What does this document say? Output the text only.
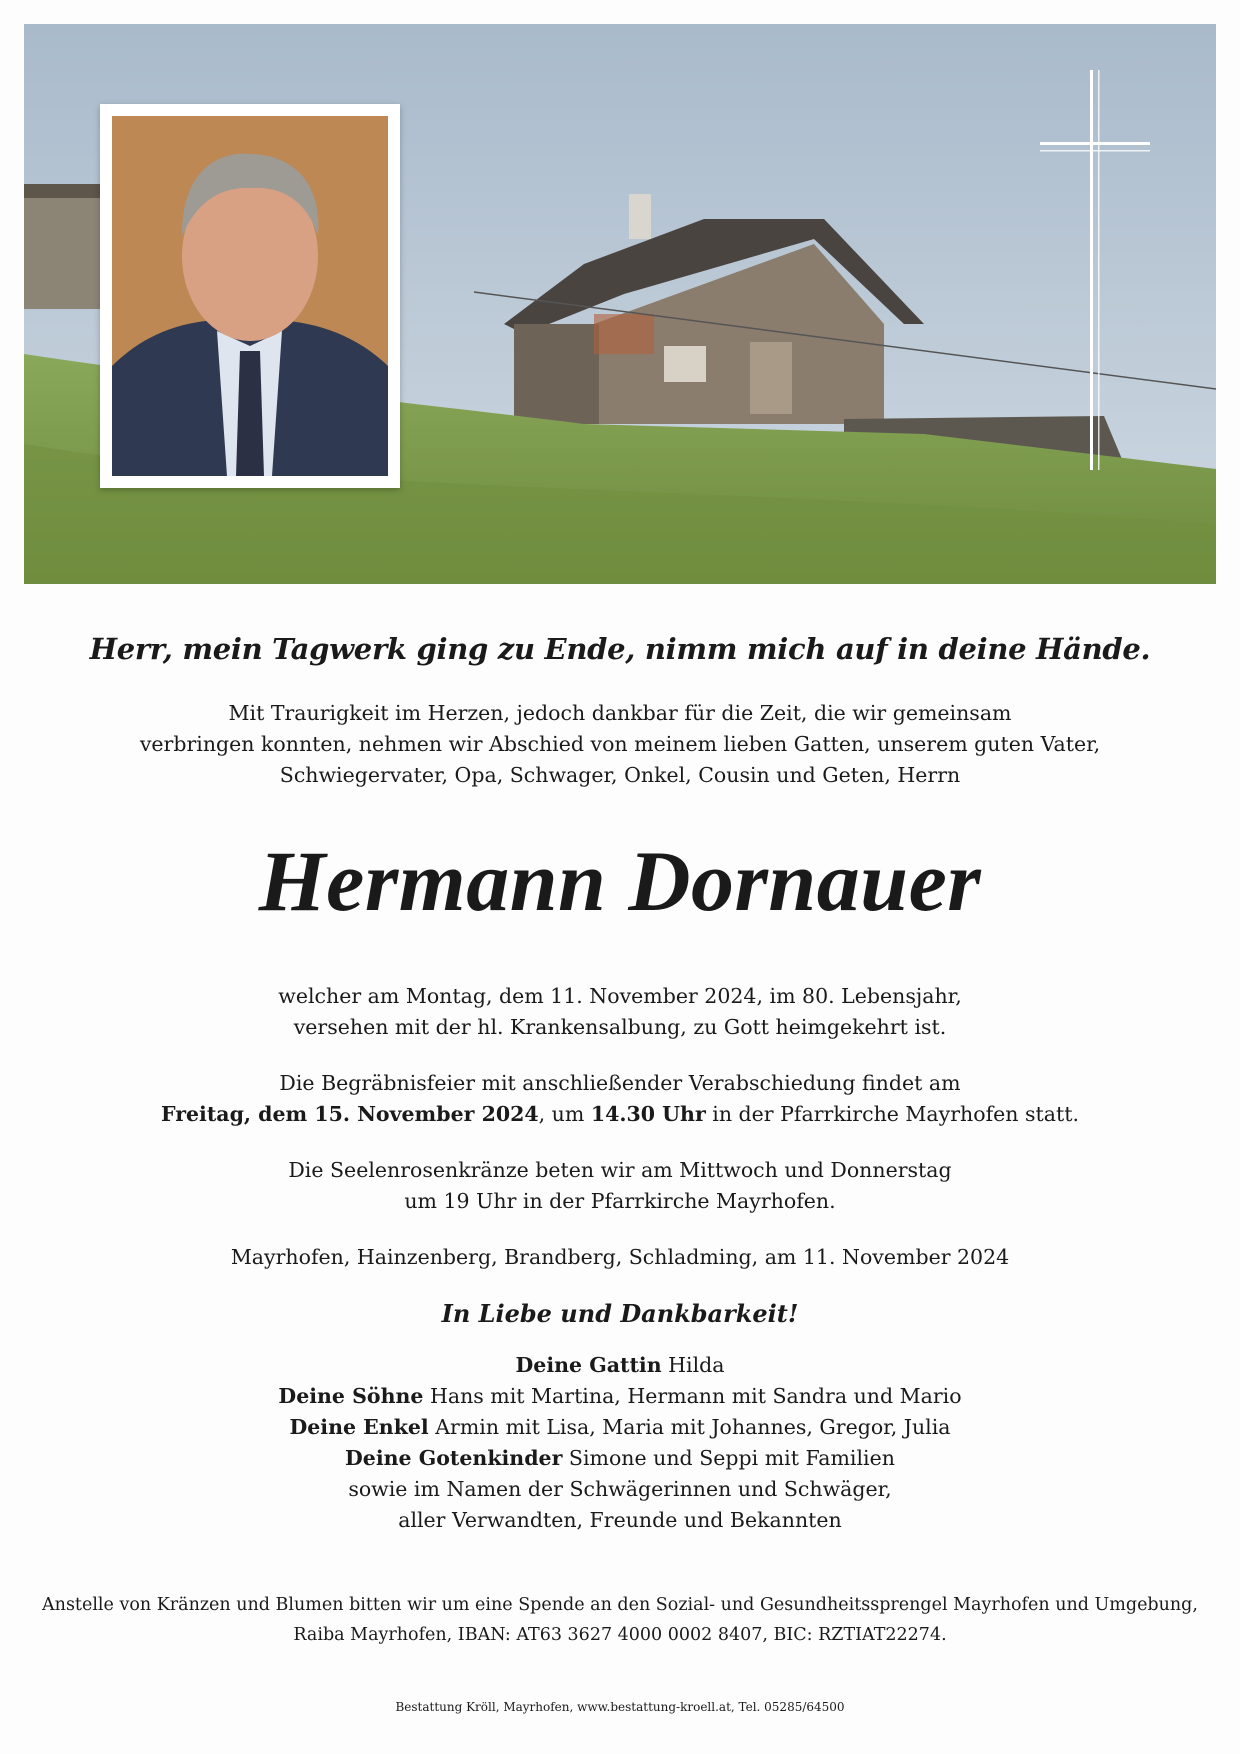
Herr, mein Tagwerk ging zu Ende, nimm mich auf in deine Hände.

Mit Traurigkeit im Herzen, jedoch dankbar für die Zeit, die wir gemeinsam
verbringen konnten, nehmen wir Abschied von meinem lieben Gatten, unserem guten Vater,
Schwiegervater, Opa, Schwager, Onkel, Cousin und Geten, Herrn

Hermann Dornauer

welcher am Montag, dem 11. November 2024, im 80. Lebensjahr,
versehen mit der hl. Krankensalbung, zu Gott heimgekehrt ist.

Die Begräbnisfeier mit anschließender Verabschiedung findet am
Freitag, dem 15. November 2024, um 14.30 Uhr in der Pfarrkirche Mayrhofen statt.

Die Seelenrosenkränze beten wir am Mittwoch und Donnerstag
um 19 Uhr in der Pfarrkirche Mayrhofen.

Mayrhofen, Hainzenberg, Brandberg, Schladming, am 11. November 2024

In Liebe und Dankbarkeit!
Deine Gattin Hilda
Deine Söhne Hans mit Martina, Hermann mit Sandra und Mario
Deine Enkel Armin mit Lisa, Maria mit Johannes, Gregor, Julia
Deine Gotenkinder Simone und Seppi mit Familien
sowie im Namen der Schwägerinnen und Schwäger,
aller Verwandten, Freunde und Bekannten
Anstelle von Kränzen und Blumen bitten wir um eine Spende an den Sozial- und Gesundheitssprengel Mayrhofen und Umgebung,
Raiba Mayrhofen, IBAN: AT63 3627 4000 0002 8407, BIC: RZTIAT22274.
Bestattung Kröll, Mayrhofen, www.bestattung-kroell.at, Tel. 05285/64500
